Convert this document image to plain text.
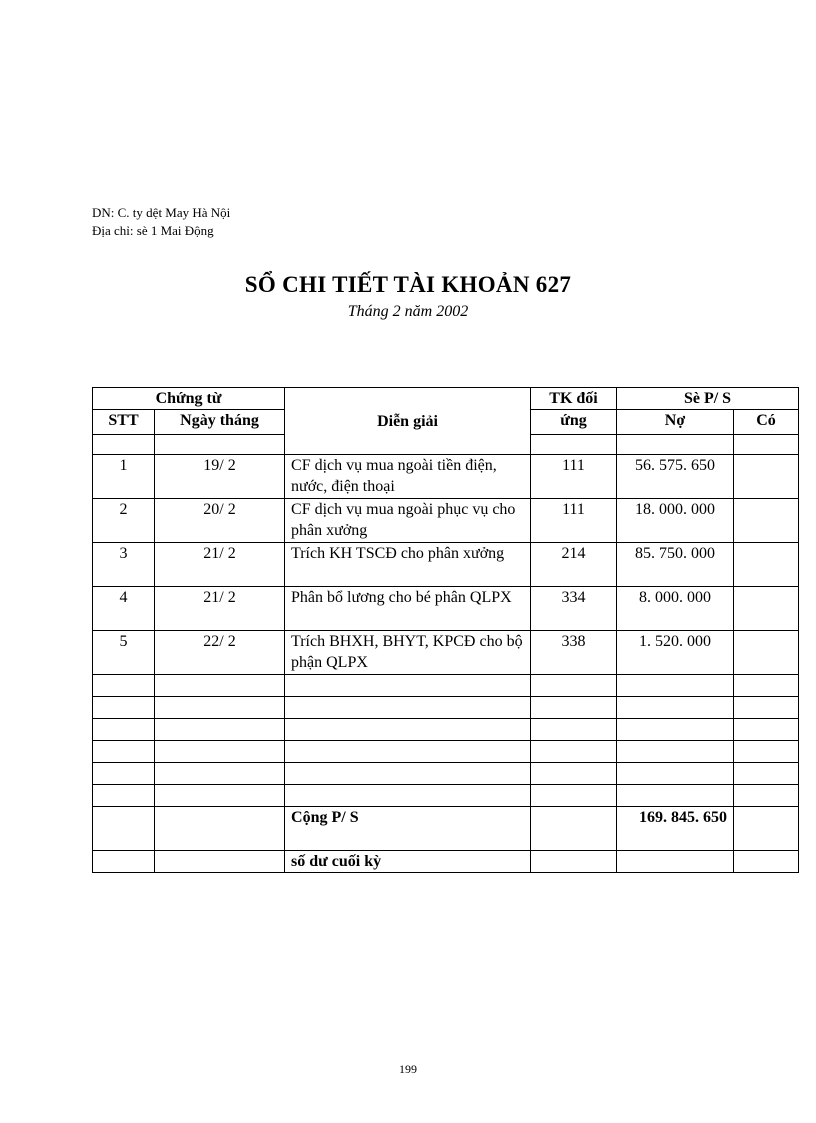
DN: C. ty dệt May Hà Nội
Địa chỉ: sè 1 Mai Động
SỔ CHI TIẾT TÀI KHOẢN 627
Tháng 2 năm 2002
Chứng từ		Diễn giải	TK đối	Sè P/ S	
STT	Ngày tháng		ứng	Nợ	Có

1	19/ 2	CF dịch vụ mua ngoài tiền điện, nước, điện thoại	111	56. 575. 650	
2	20/ 2	CF dịch vụ mua ngoài phục vụ cho phân xưởng	111	18. 000. 000	
3	21/ 2	Trích KH TSCĐ cho phân xưởng	214	85. 750. 000	
4	21/ 2	Phân bổ lương cho bé phân QLPX	334	8. 000. 000	
5	22/ 2	Trích BHXH, BHYT, KPCĐ cho bộ phận QLPX	338	1. 520. 000	

		Cộng P/ S		169. 845. 650	
		số dư cuối kỳ			
199
